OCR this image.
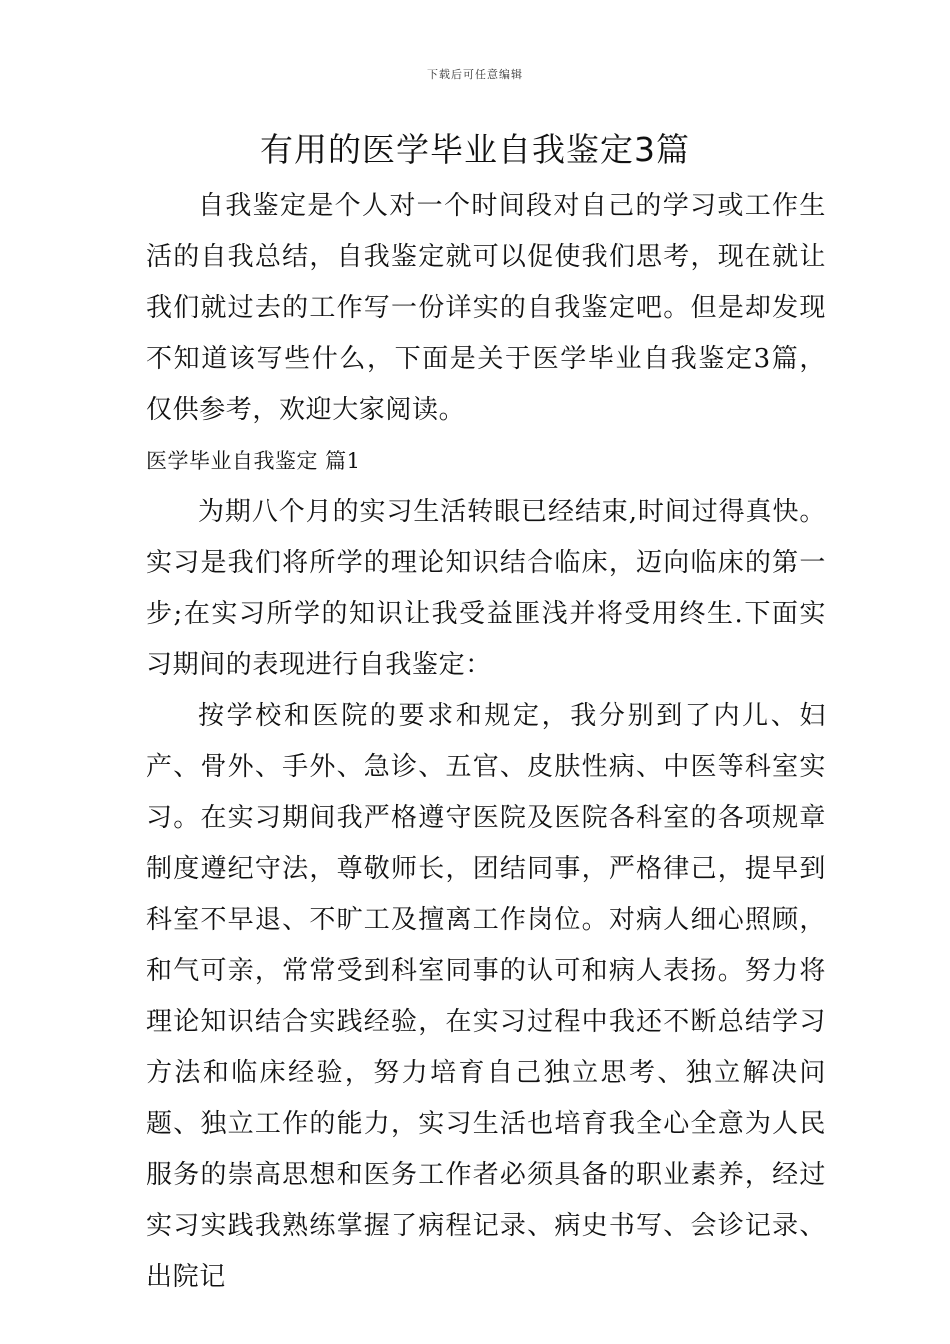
下载后可任意编辑
有用的医学毕业自我鉴定3篇

自我鉴定是个人对一个时间段对自己的学习或工作生活的自我总结，自我鉴定就可以促使我们思考，现在就让我们就过去的工作写一份详实的自我鉴定吧。但是却发现不知道该写些什么，下面是关于医学毕业自我鉴定3篇，仅供参考，欢迎大家阅读。

医学毕业自我鉴定 篇1

为期八个月的实习生活转眼已经结束,时间过得真快。实习是我们将所学的理论知识结合临床，迈向临床的第一步;在实习所学的知识让我受益匪浅并将受用终生.下面实习期间的表现进行自我鉴定：

按学校和医院的要求和规定，我分别到了内儿、妇产、骨外、手外、急诊、五官、皮肤性病、中医等科室实习。在实习期间我严格遵守医院及医院各科室的各项规章制度遵纪守法，尊敬师长，团结同事，严格律己，提早到科室不早退、不旷工及擅离工作岗位。对病人细心照顾，和气可亲，常常受到科室同事的认可和病人表扬。努力将理论知识结合实践经验，在实习过程中我还不断总结学习方法和临床经验，努力培育自己独立思考、独立解决问题、独立工作的能力，实习生活也培育我全心全意为人民服务的崇高思想和医务工作者必须具备的职业素养，经过实习实践我熟练掌握了病程记录、病史书写、会诊记录、出院记
